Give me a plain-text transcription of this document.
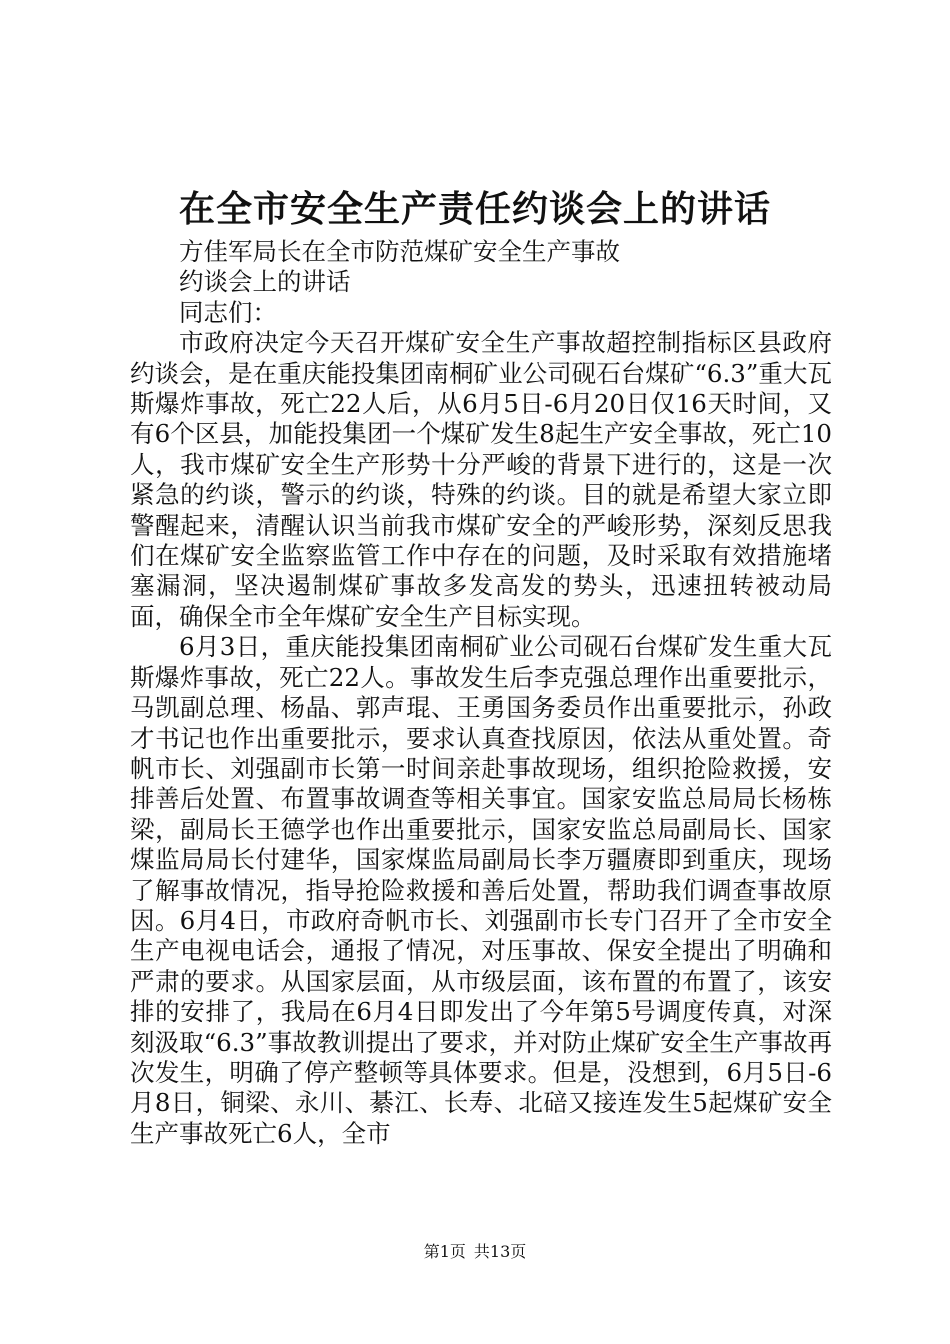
在全市安全生产责任约谈会上的讲话

方佳军局长在全市防范煤矿安全生产事故

约谈会上的讲话

同志们：

市政府决定今天召开煤矿安全生产事故超控制指标区县政府约谈会，是在重庆能投集团南桐矿业公司砚石台煤矿“6.3”重大瓦斯爆炸事故，死亡22人后，从6月5日-6月20日仅16天时间，又有6个区县，加能投集团一个煤矿发生8起生产安全事故，死亡10人，我市煤矿安全生产形势十分严峻的背景下进行的，这是一次紧急的约谈，警示的约谈，特殊的约谈。目的就是希望大家立即警醒起来，清醒认识当前我市煤矿安全的严峻形势，深刻反思我们在煤矿安全监察监管工作中存在的问题，及时采取有效措施堵塞漏洞，坚决遏制煤矿事故多发高发的势头，迅速扭转被动局面，确保全市全年煤矿安全生产目标实现。

6月3日，重庆能投集团南桐矿业公司砚石台煤矿发生重大瓦斯爆炸事故，死亡22人。事故发生后李克强总理作出重要批示，马凯副总理、杨晶、郭声琨、王勇国务委员作出重要批示，孙政才书记也作出重要批示，要求认真查找原因，依法从重处置。奇帆市长、刘强副市长第一时间亲赴事故现场，组织抢险救援，安排善后处置、布置事故调查等相关事宜。国家安监总局局长杨栋梁，副局长王德学也作出重要批示，国家安监总局副局长、国家煤监局局长付建华，国家煤监局副局长李万疆赓即到重庆，现场了解事故情况，指导抢险救援和善后处置，帮助我们调查事故原因。6月4日，市政府奇帆市长、刘强副市长专门召开了全市安全生产电视电话会，通报了情况，对压事故、保安全提出了明确和严肃的要求。从国家层面，从市级层面，该布置的布置了，该安排的安排了，我局在6月4日即发出了今年第5号调度传真，对深刻汲取“6.3”事故教训提出了要求，并对防止煤矿安全生产事故再次发生，明确了停产整顿等具体要求。但是，没想到，6月5日-6月8日，铜梁、永川、綦江、长寿、北碚又接连发生5起煤矿安全生产事故死亡6人，全市

第1页 共13页
